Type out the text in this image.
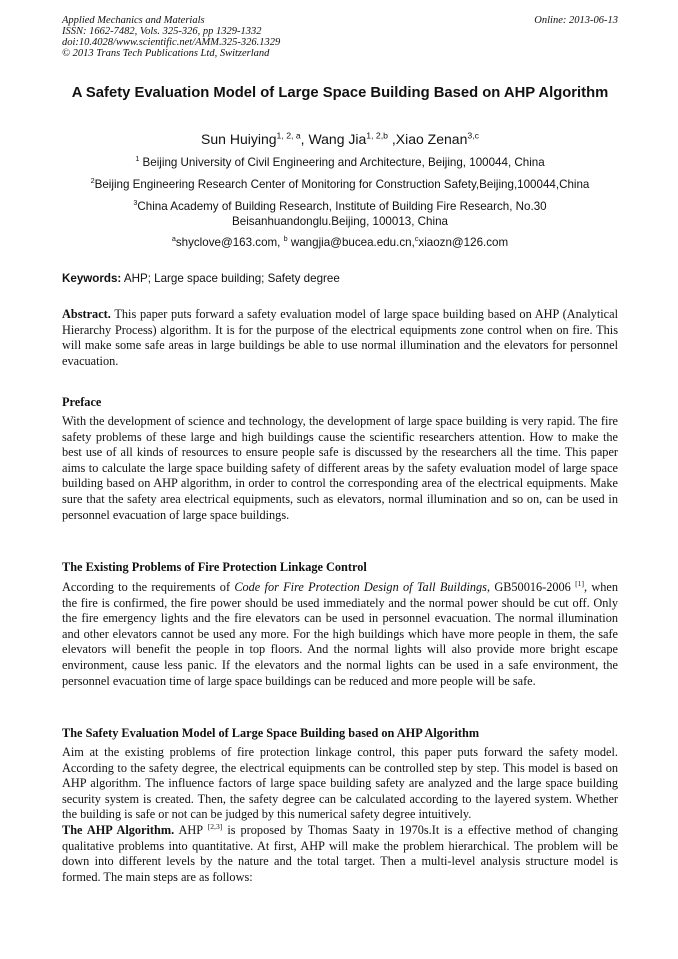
Applied Mechanics and Materials
ISSN: 1662-7482, Vols. 325-326, pp 1329-1332
doi:10.4028/www.scientific.net/AMM.325-326.1329
© 2013 Trans Tech Publications Ltd, Switzerland
Online: 2013-06-13
A Safety Evaluation Model of Large Space Building Based on AHP Algorithm
Sun Huiying$^{1, 2, a}$, Wang Jia$^{1, 2,b}$ ,Xiao Zenan$^{3,c}$
$^1$ Beijing University of Civil Engineering and Architecture, Beijing, 100044, China
$^2$Beijing Engineering Research Center of Monitoring for Construction Safety,Beijing,100044,China
$^3$China Academy of Building Research, Institute of Building Fire Research, No.30
Beisanhuandonglu.Beijing, 100013, China
$^a$shyclove@163.com, $^b$ wangjia@bucea.edu.cn,$^c$xiaozn@126.com
Keywords: AHP; Large space building; Safety degree
Abstract. This paper puts forward a safety evaluation model of large space building based on AHP (Analytical Hierarchy Process) algorithm. It is for the purpose of the electrical equipments zone control when on fire. This will make some safe areas in large buildings be able to use normal illumination and the elevators for personnel evacuation.
Preface
With the development of science and technology, the development of large space building is very rapid. The fire safety problems of these large and high buildings cause the scientific researchers attention. How to make the best use of all kinds of resources to ensure people safe is discussed by the researchers all the time. This paper aims to calculate the large space building safety of different areas by the safety evaluation model of large space building based on AHP algorithm, in order to control the corresponding area of the electrical equipments. Make sure that the safety area electrical equipments, such as elevators, normal illumination and so on, can be used in personnel evacuation of large space buildings.
The Existing Problems of Fire Protection Linkage Control
According to the requirements of Code for Fire Protection Design of Tall Buildings, GB50016-2006 [1], when the fire is confirmed, the fire power should be used immediately and the normal power should be cut off. Only the fire emergency lights and the fire elevators can be used in personnel evacuation. The normal illumination and other elevators cannot be used any more. For the high buildings which have more people in them, the safe elevators will benefit the people in top floors. And the normal lights will also provide more bright escape environment, cause less panic. If the elevators and the normal lights can be used in a safe environment, the personnel evacuation time of large space buildings can be reduced and more people will be safe.
The Safety Evaluation Model of Large Space Building based on AHP Algorithm
Aim at the existing problems of fire protection linkage control, this paper puts forward the safety model. According to the safety degree, the electrical equipments can be controlled step by step. This model is based on AHP algorithm. The influence factors of large space building safety are analyzed and the large space building security system is created. Then, the safety degree can be calculated according to the layered system. Whether the building is safe or not can be judged by this numerical safety degree intuitively.
The AHP Algorithm. AHP [2,3] is proposed by Thomas Saaty in 1970s.It is a effective method of changing qualitative problems into quantitative. At first, AHP will make the problem hierarchical. The problem will be down into different levels by the nature and the total target. Then a multi-level analysis structure model is formed. The main steps are as follows:
